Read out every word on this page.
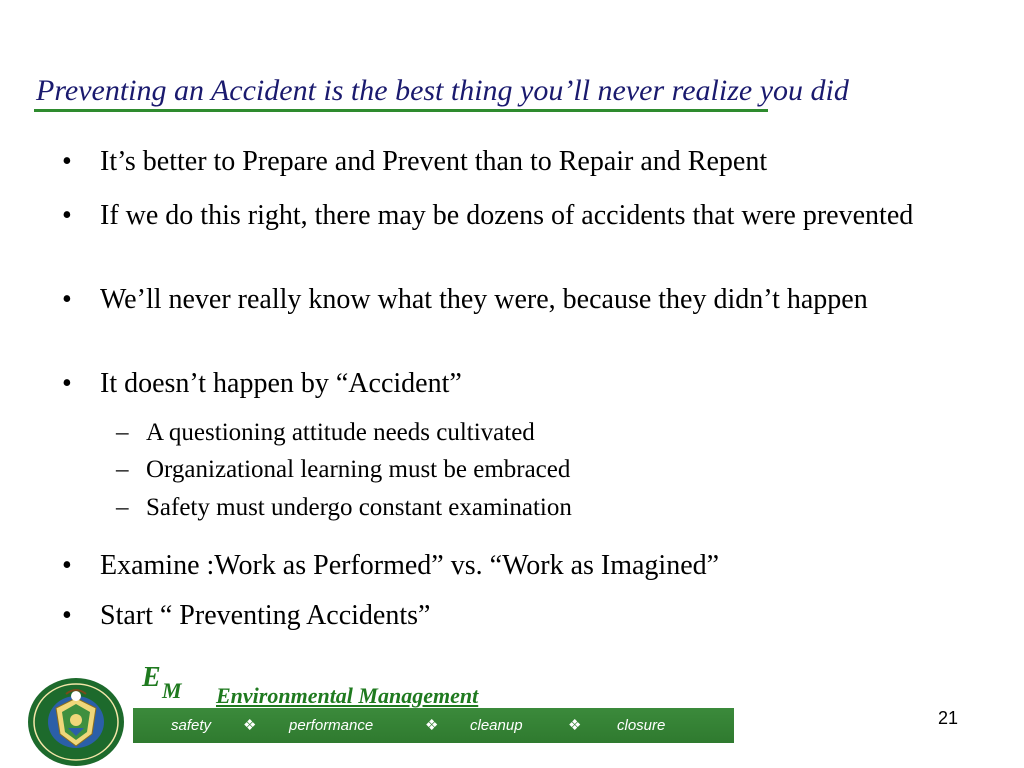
Preventing an Accident is the best thing you’ll never realize you did
• It’s better to Prepare and Prevent than to Repair and Repent
• If we do this right, there may be dozens of accidents that were prevented
• We’ll never really know what they were, because they didn’t happen
• It doesn’t happen by “Accident”
– A questioning attitude needs cultivated
– Organizational learning must be embraced
– Safety must undergo constant examination
• Examine :Work as Performed” vs. “Work as Imagined”
• Start “ Preventing Accidents”
E M Environmental Management
safety ❖ performance	❖ cleanup	❖ closure	21
